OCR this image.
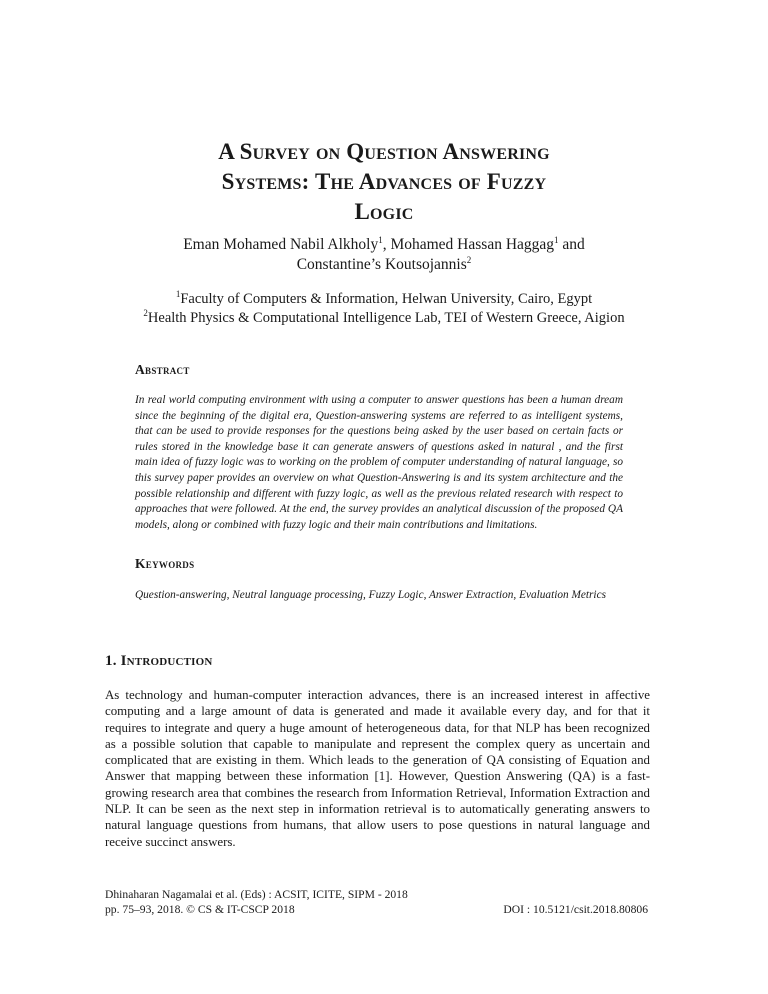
A Survey on Question Answering
Systems: The Advances of Fuzzy
Logic
Eman Mohamed Nabil Alkholy$^1$, Mohamed Hassan Haggag$^1$ and
Constantine’s Koutsojannis$^2$
$^1$Faculty of Computers & Information, Helwan University, Cairo, Egypt
$^2$Health Physics & Computational Intelligence Lab, TEI of Western Greece, Aigion
Abstract
In real world computing environment with using a computer to answer questions has been a human dream since the beginning of the digital era, Question-answering systems are referred to as intelligent systems, that can be used to provide responses for the questions being asked by the user based on certain facts or rules stored in the knowledge base it can generate answers of questions asked in natural , and the first main idea of fuzzy logic was to working on the problem of computer understanding of natural language, so this survey paper provides an overview on what Question-Answering is and its system architecture and the possible relationship and different with fuzzy logic, as well as the previous related research with respect to approaches that were followed. At the end, the survey provides an analytical discussion of the proposed QA models, along or combined with fuzzy logic and their main contributions and limitations.
Keywords
Question-answering, Neutral language processing, Fuzzy Logic, Answer Extraction, Evaluation Metrics
1. Introduction
As technology and human-computer interaction advances, there is an increased interest in affective computing and a large amount of data is generated and made it available every day, and for that it requires to integrate and query a huge amount of heterogeneous data, for that NLP has been recognized as a possible solution that capable to manipulate and represent the complex query as uncertain and complicated that are existing in them. Which leads to the generation of QA consisting of Equation and Answer that mapping between these information [1]. However, Question Answering (QA) is a fast-growing research area that combines the research from Information Retrieval, Information Extraction and NLP. It can be seen as the next step in information retrieval is to automatically generating answers to natural language questions from humans, that allow users to pose questions in natural language and receive succinct answers.
Dhinaharan Nagamalai et al. (Eds) : ACSIT, ICITE, SIPM - 2018
pp. 75–93, 2018. © CS & IT-CSCP 2018	DOI : 10.5121/csit.2018.80806
